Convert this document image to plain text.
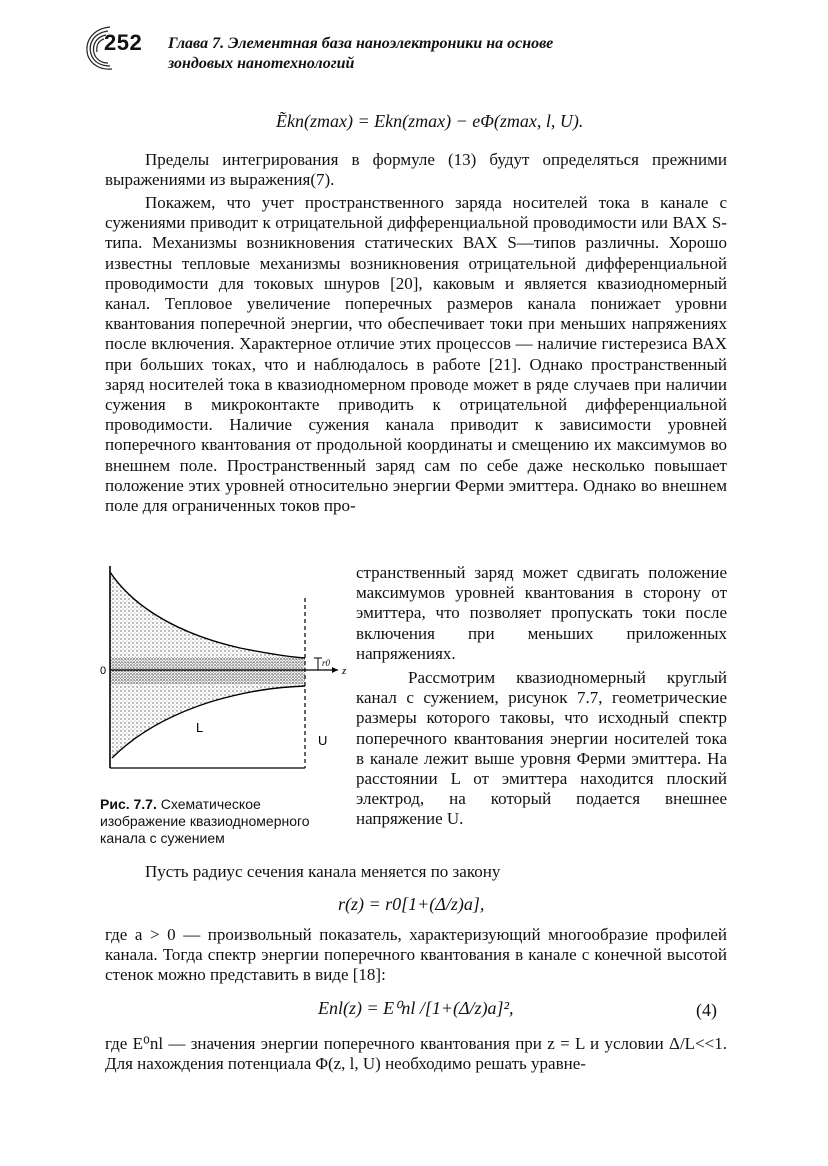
252 Глава 7. Элементная база наноэлектроники на основе
зондовых нанотехнологий
Ẽkn(zmax) = Ekn(zmax) − eΦ(zmax, l, U).

Пределы интегрирования в формуле (13) будут определяться прежними выражениями из выражения(7).

Покажем, что учет пространственного заряда носителей тока в канале с сужениями приводит к отрицательной дифференциальной проводимости или ВАХ S-типа. Механизмы возникновения статических ВАХ S—типов различны. Хорошо известны тепловые механизмы возникновения отрицательной дифференциальной проводимости для токовых шнуров [20], каковым и является квазиодномерный канал. Тепловое увеличение поперечных размеров канала понижает уровни квантования поперечной энергии, что обеспечивает токи при меньших напряжениях после включения. Характерное отличие этих процессов — наличие гистерезиса ВАХ при больших токах, что и наблюдалось в работе [21]. Однако пространственный заряд носителей тока в квазиодномерном проводе может в ряде случаев при наличии сужения в микроконтакте приводить к отрицательной дифференциальной проводимости. Наличие сужения канала приводит к зависимости уровней поперечного квантования от продольной координаты и смещению их максимумов во внешнем поле. Пространственный заряд сам по себе даже несколько повышает положение этих уровней относительно энергии Ферми эмиттера. Однако во внешнем поле для ограниченных токов про-

0	z
L
U
r0

странственный заряд может сдвигать положение максимумов уровней квантования в сторону от эмиттера, что позволяет пропускать токи после включения при меньших приложенных напряжениях.

Рассмотрим квазиодномерный круглый канал с сужением, рисунок 7.7, геометрические размеры которого таковы, что исходный спектр поперечного квантования энергии носителей тока в канале лежит выше уровня Ферми эмиттера. На расстоянии L от эмиттера находится плоский электрод, на который подается внешнее напряжение U.

Рис. 7.7. Схематическое изображение квазиодномерного канала с сужением

Пусть радиус сечения канала меняется по закону

r(z) = r0[1+(Δ/z)a],

где a > 0 — произвольный показатель, характеризующий многообразие профилей канала. Тогда спектр энергии поперечного квантования в канале с конечной высотой стенок можно представить в виде [18]:

Enl(z) = E⁰nl /[1+(Δ/z)a]²,	(4)

где E⁰nl — значения энергии поперечного квантования при z = L и условии Δ/L<<1. Для нахождения потенциала Φ(z, l, U) необходимо решать уравне-
